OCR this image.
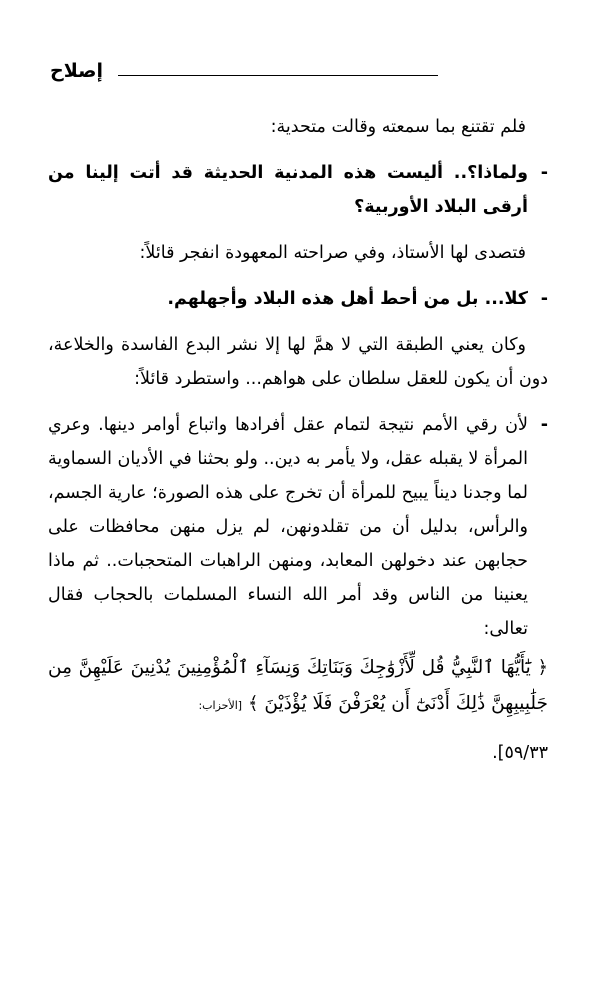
إصلاح

فلم تقتنع بما سمعته وقالت متحدية:

-
ولماذا؟.. أليست هذه المدنية الحديثة قد أتت إلينا من أرقى البلاد الأوربية؟

فتصدى لها الأستاذ، وفي صراحته المعهودة انفجر قائلاً:

-
كلا... بل من أحط أهل هذه البلاد وأجهلهم.

وكان يعني الطبقة التي لا همَّ لها إلا نشر البدع الفاسدة والخلاعة، دون أن يكون للعقل سلطان على هواهم... واستطرد قائلاً:

-
لأن رقي الأمم نتيجة لتمام عقل أفرادها واتباع أوامر دينها. وعري المرأة لا يقبله عقل، ولا يأمر به دين.. ولو بحثنا في الأديان السماوية لما وجدنا ديناً يبيح للمرأة أن تخرج على هذه الصورة؛ عارية الجسم، والرأس، بدليل أن من تقلدونهن، لم يزل منهن محافظات على حجابهن عند دخولهن المعابد، ومنهن الراهبات المتحجبات.. ثم ماذا يعنينا من الناس وقد أمر الله النساء المسلمات بالحجاب فقال تعالى:

﴿ يَٰٓأَيُّهَا ٱلنَّبِيُّ قُل لِّأَزْوَٰجِكَ وَبَنَاتِكَ وَنِسَآءِ ٱلْمُؤْمِنِينَ يُدْنِينَ عَلَيْهِنَّ مِن جَلَٰبِيبِهِنَّ ذَٰلِكَ أَدْنَىٰٓ أَن يُعْرَفْنَ فَلَا يُؤْذَيْنَ ﴾ [الأحزاب:

٥٩/٣٣].
